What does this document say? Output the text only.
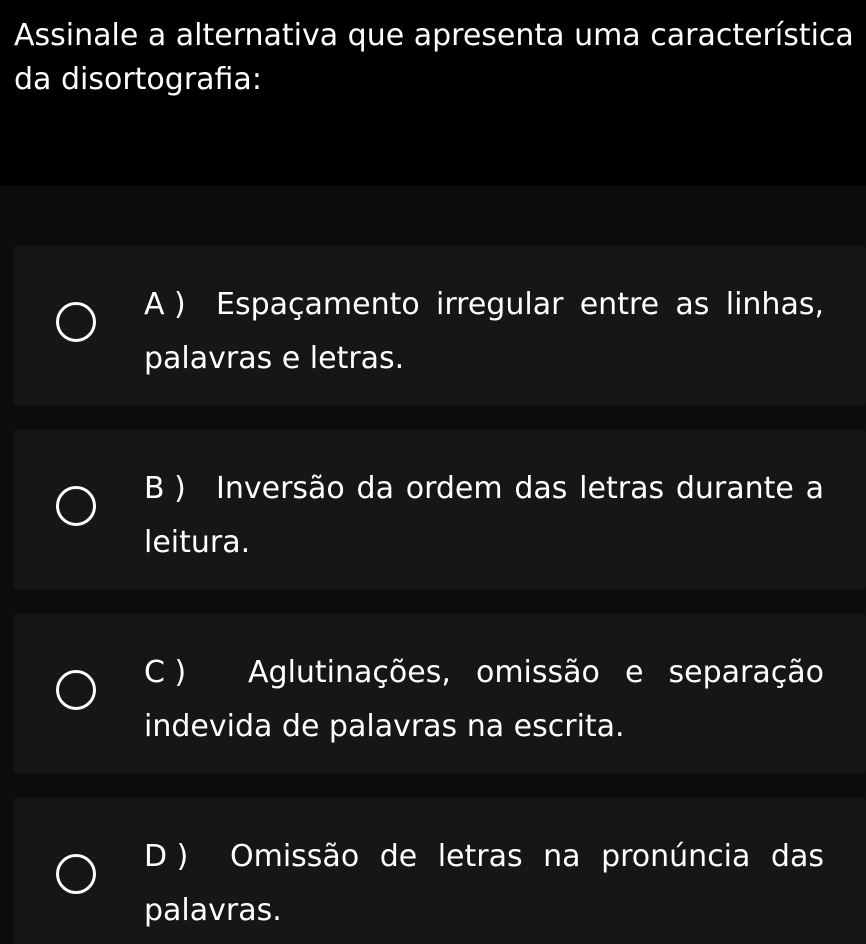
Assinale a alternativa que apresenta uma característica da disortografia:

A ) Espaçamento irregular entre as linhas, palavras e letras.
B ) Inversão da ordem das letras durante a leitura.
C ) Aglutinações, omissão e separação indevida de palavras na escrita.
D ) Omissão de letras na pronúncia das palavras.
